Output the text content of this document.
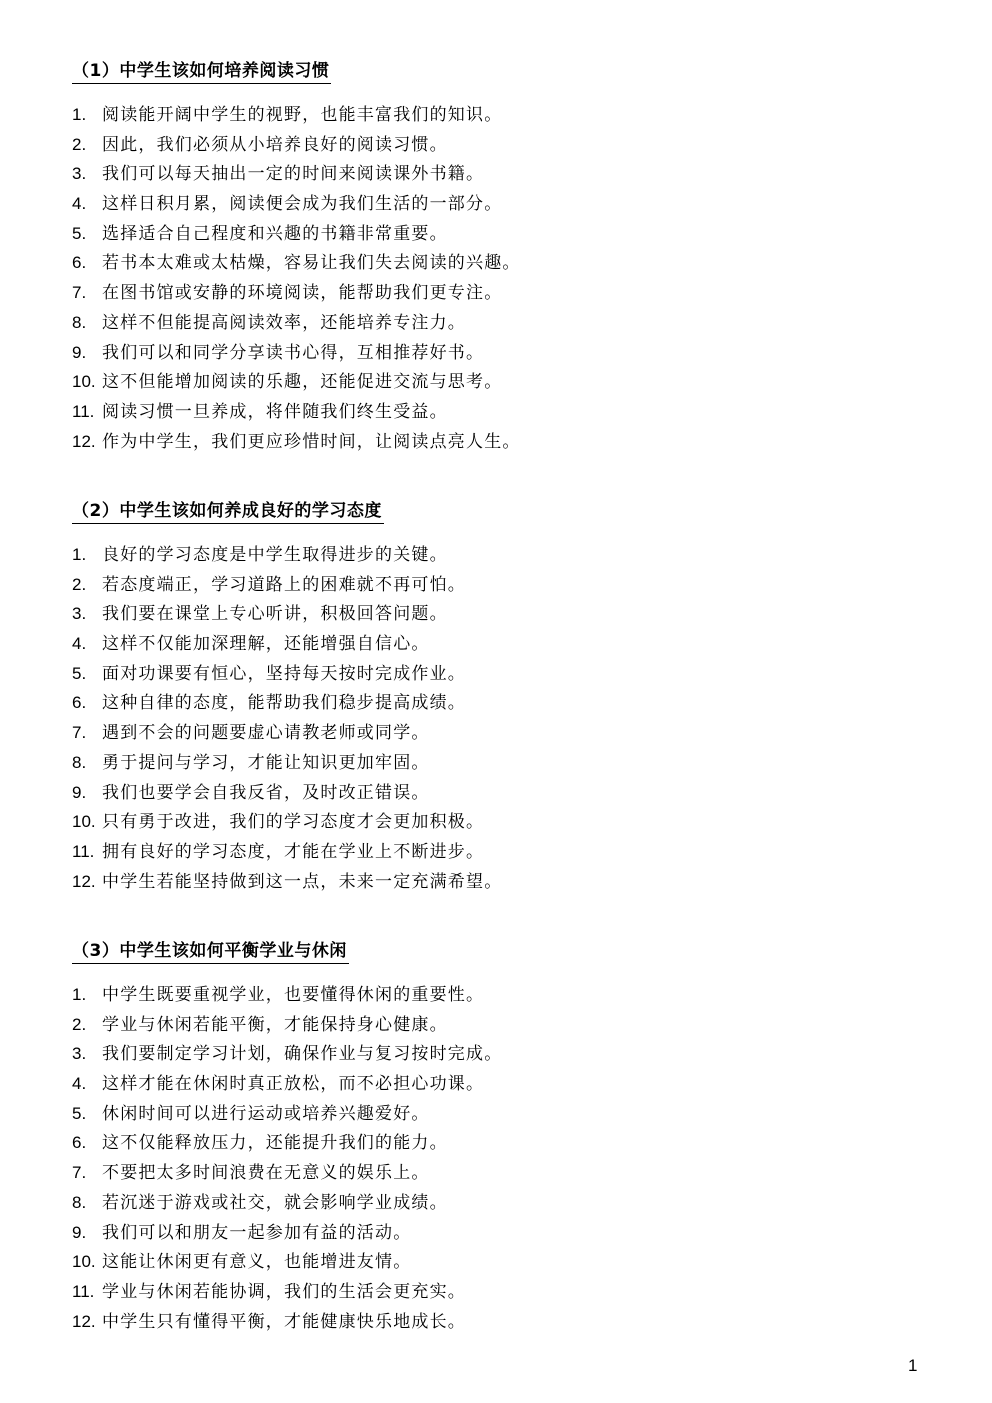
（1）中学生该如何培养阅读习惯
1. 阅读能开阔中学生的视野，也能丰富我们的知识。
2. 因此，我们必须从小培养良好的阅读习惯。
3. 我们可以每天抽出一定的时间来阅读课外书籍。
4. 这样日积月累，阅读便会成为我们生活的一部分。
5. 选择适合自己程度和兴趣的书籍非常重要。
6. 若书本太难或太枯燥，容易让我们失去阅读的兴趣。
7. 在图书馆或安静的环境阅读，能帮助我们更专注。
8. 这样不但能提高阅读效率，还能培养专注力。
9. 我们可以和同学分享读书心得，互相推荐好书。
10. 这不但能增加阅读的乐趣，还能促进交流与思考。
11. 阅读习惯一旦养成，将伴随我们终生受益。
12. 作为中学生，我们更应珍惜时间，让阅读点亮人生。
（2）中学生该如何养成良好的学习态度
1. 良好的学习态度是中学生取得进步的关键。
2. 若态度端正，学习道路上的困难就不再可怕。
3. 我们要在课堂上专心听讲，积极回答问题。
4. 这样不仅能加深理解，还能增强自信心。
5. 面对功课要有恒心，坚持每天按时完成作业。
6. 这种自律的态度，能帮助我们稳步提高成绩。
7. 遇到不会的问题要虚心请教老师或同学。
8. 勇于提问与学习，才能让知识更加牢固。
9. 我们也要学会自我反省，及时改正错误。
10. 只有勇于改进，我们的学习态度才会更加积极。
11. 拥有良好的学习态度，才能在学业上不断进步。
12. 中学生若能坚持做到这一点，未来一定充满希望。
（3）中学生该如何平衡学业与休闲
1. 中学生既要重视学业，也要懂得休闲的重要性。
2. 学业与休闲若能平衡，才能保持身心健康。
3. 我们要制定学习计划，确保作业与复习按时完成。
4. 这样才能在休闲时真正放松，而不必担心功课。
5. 休闲时间可以进行运动或培养兴趣爱好。
6. 这不仅能释放压力，还能提升我们的能力。
7. 不要把太多时间浪费在无意义的娱乐上。
8. 若沉迷于游戏或社交，就会影响学业成绩。
9. 我们可以和朋友一起参加有益的活动。
10. 这能让休闲更有意义，也能增进友情。
11. 学业与休闲若能协调，我们的生活会更充实。
12. 中学生只有懂得平衡，才能健康快乐地成长。
1
